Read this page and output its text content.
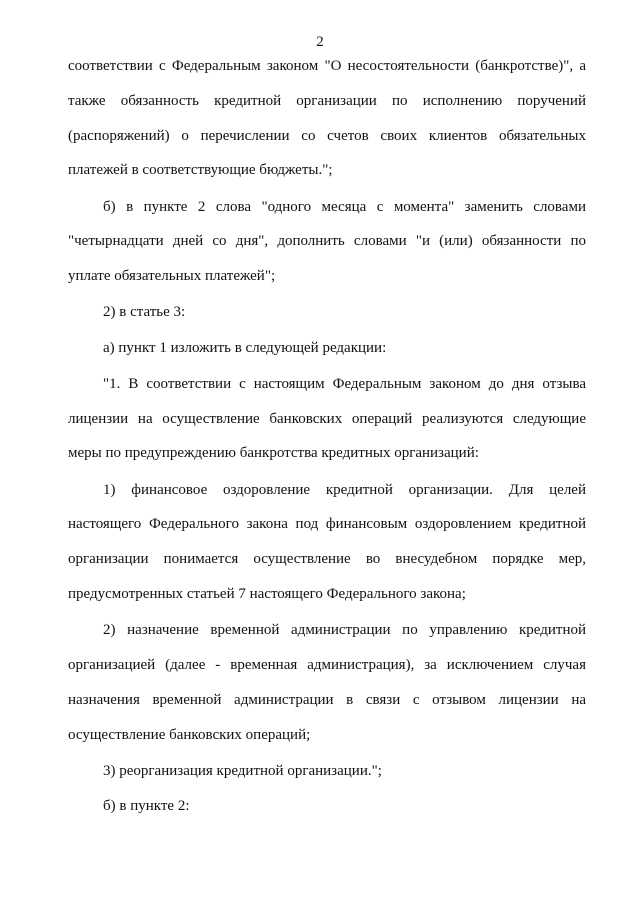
2
соответствии с Федеральным законом "О несостоятельности (банкротстве)", а
также обязанность кредитной организации по исполнению поручений
(распоряжений) о перечислении со счетов своих клиентов обязательных
платежей в соответствующие бюджеты.";
б) в пункте 2 слова "одного месяца с момента" заменить словами
"четырнадцати дней со дня", дополнить словами "и (или) обязанности по
уплате обязательных платежей";
2) в статье 3:
а) пункт 1 изложить в следующей редакции:
"1. В соответствии с настоящим Федеральным законом до дня отзыва
лицензии на осуществление банковских операций реализуются следующие
меры по предупреждению банкротства кредитных организаций:
1) финансовое оздоровление кредитной организации. Для целей
настоящего Федерального закона под финансовым оздоровлением кредитной
организации понимается осуществление во внесудебном порядке мер,
предусмотренных статьей 7 настоящего Федерального закона;
2) назначение временной администрации по управлению кредитной
организацией (далее - временная администрация), за исключением случая
назначения временной администрации в связи с отзывом лицензии на
осуществление банковских операций;
3) реорганизация кредитной организации.";
б) в пункте 2:
